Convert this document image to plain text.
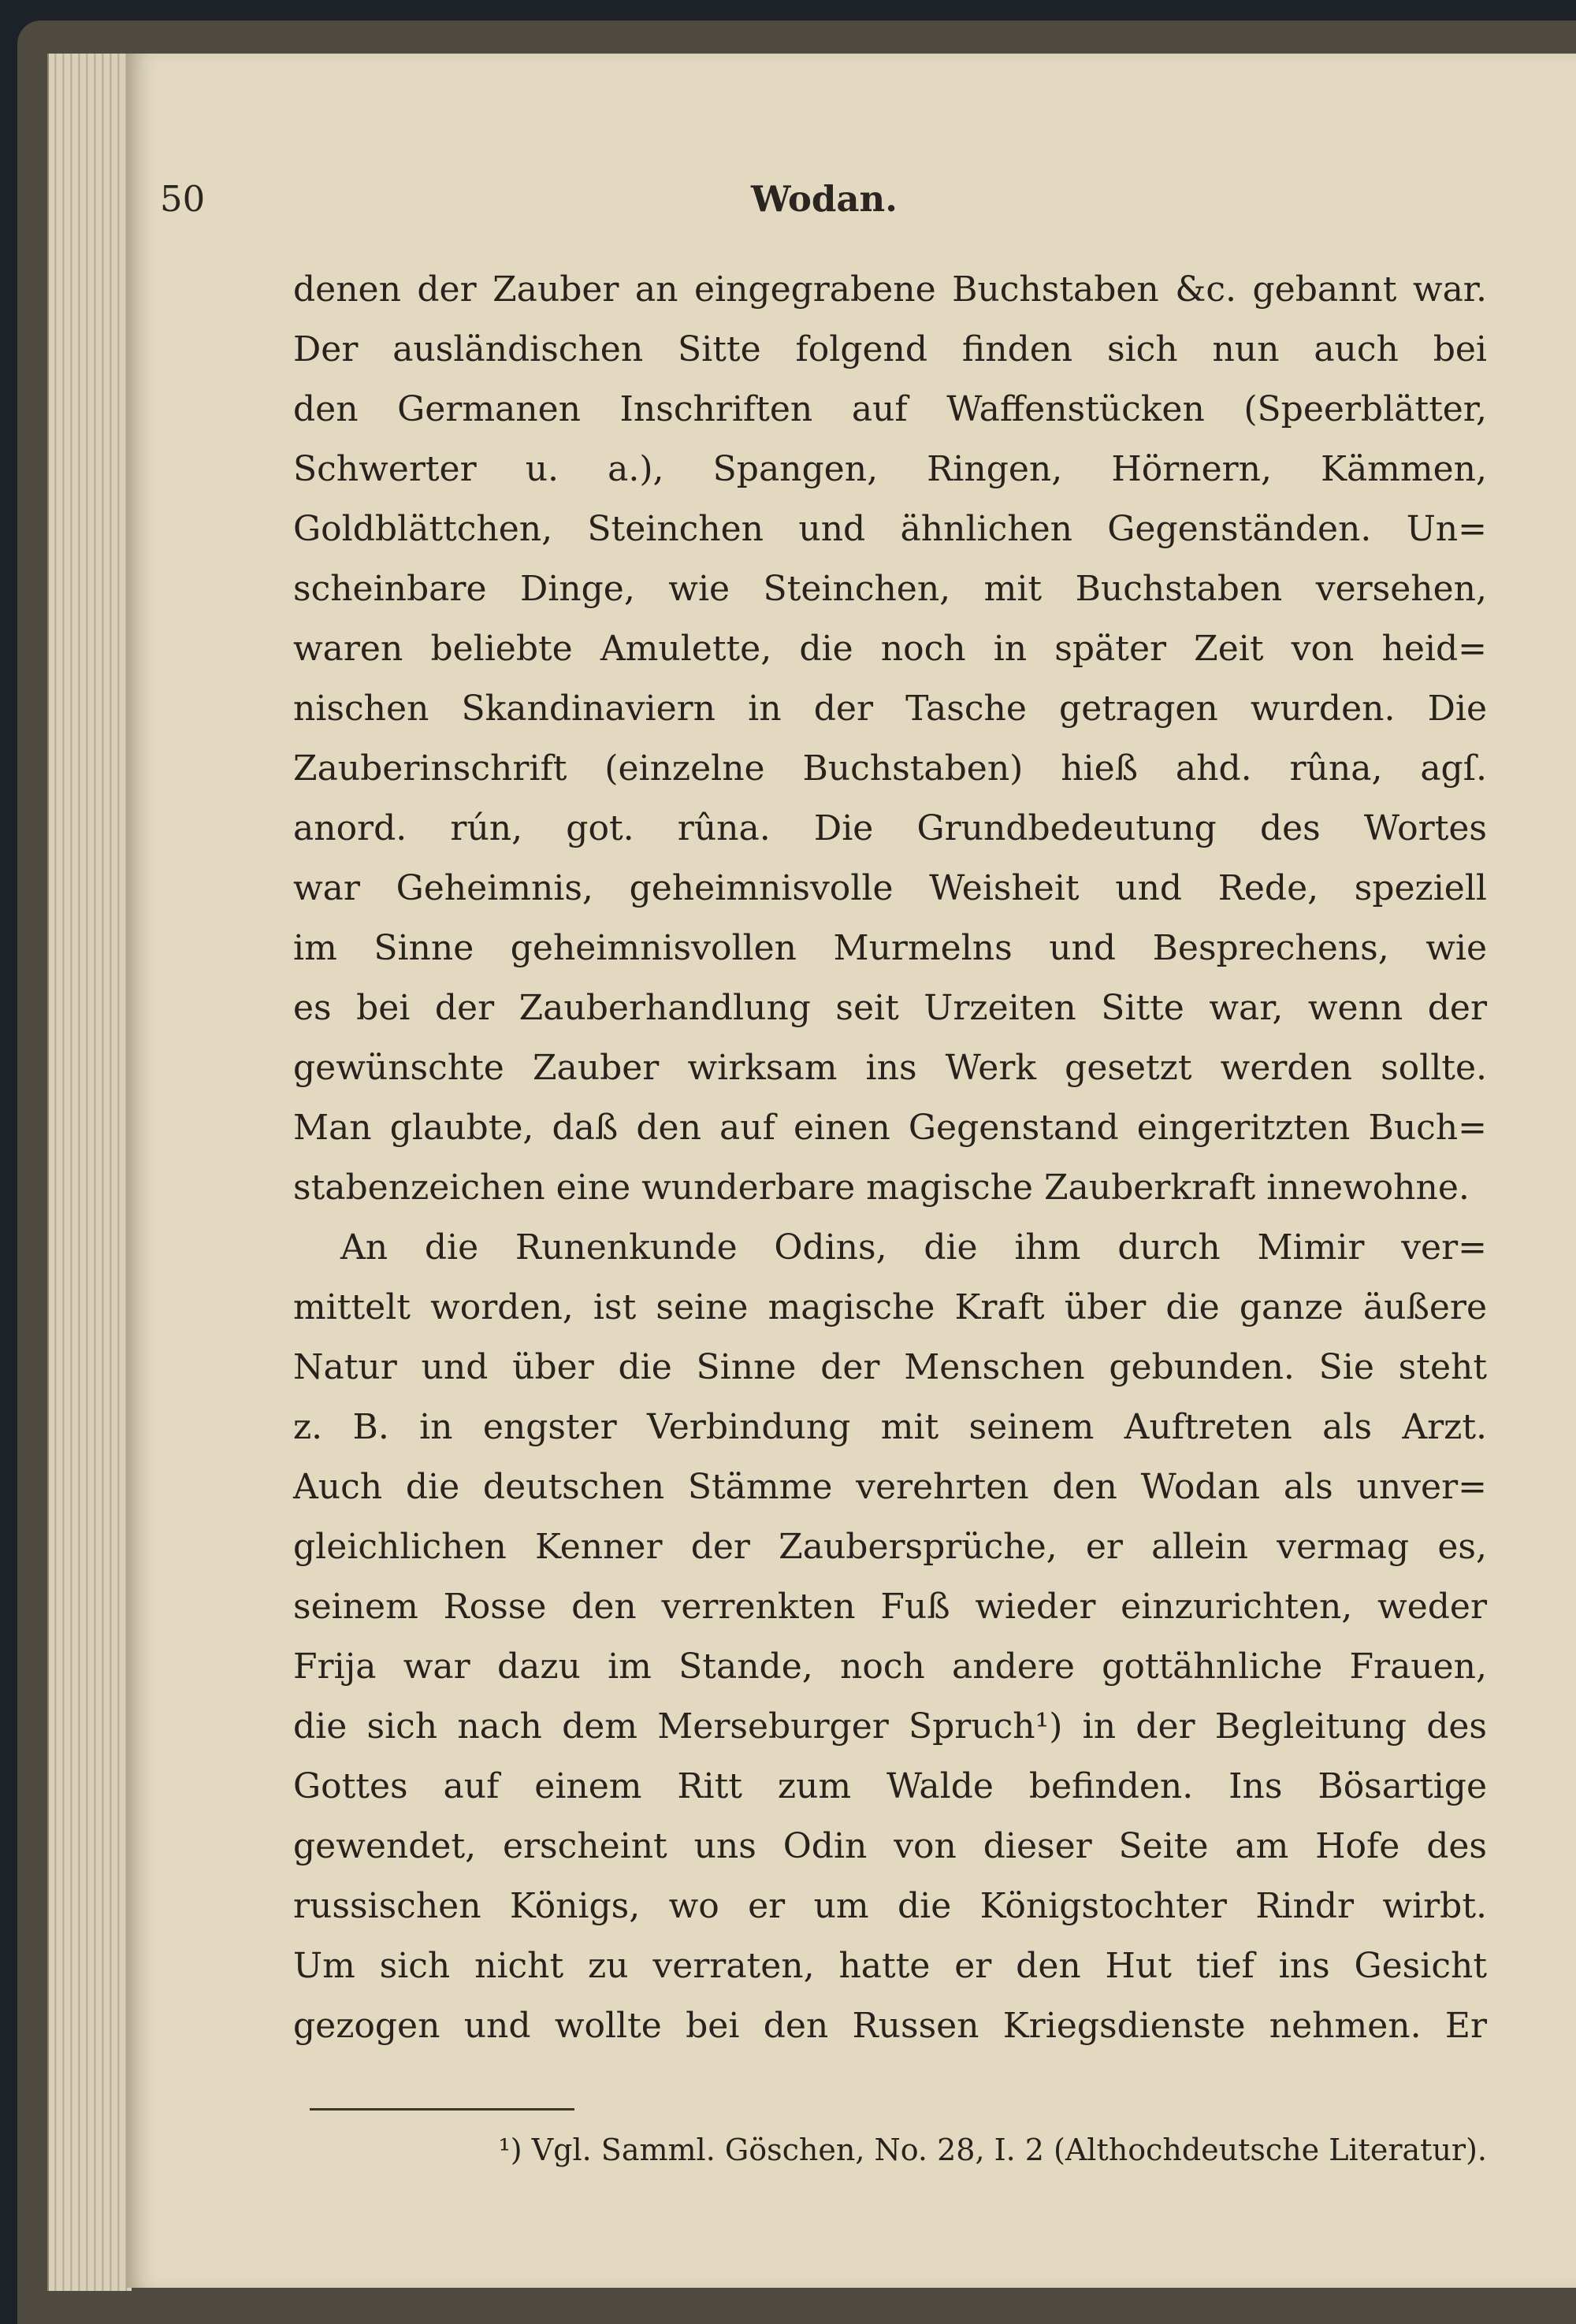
50	Wodan.
denen der Zauber an eingegrabene Buchstaben &c. gebannt war.
Der ausländischen Sitte folgend finden sich nun auch bei
den Germanen Inschriften auf Waffenstücken (Speerblätter,
Schwerter u. a.), Spangen, Ringen, Hörnern, Kämmen,
Goldblättchen, Steinchen und ähnlichen Gegenständen. Un=
scheinbare Dinge, wie Steinchen, mit Buchstaben versehen,
waren beliebte Amulette, die noch in später Zeit von heid=
nischen Skandinaviern in der Tasche getragen wurden. Die
Zauberinschrift (einzelne Buchstaben) hieß ahd. rûna, agſ.
anord. rún, got. rûna. Die Grundbedeutung des Wortes
war Geheimnis, geheimnisvolle Weisheit und Rede, speziell
im Sinne geheimnisvollen Murmelns und Besprechens, wie
es bei der Zauberhandlung seit Urzeiten Sitte war, wenn der
gewünschte Zauber wirksam ins Werk gesetzt werden sollte.
Man glaubte, daß den auf einen Gegenstand eingeritzten Buch=
stabenzeichen eine wunderbare magische Zauberkraft innewohne.
An die Runenkunde Odins, die ihm durch Mimir ver=
mittelt worden, ist seine magische Kraft über die ganze äußere
Natur und über die Sinne der Menschen gebunden. Sie steht
z. B. in engster Verbindung mit seinem Auftreten als Arzt.
Auch die deutschen Stämme verehrten den Wodan als unver=
gleichlichen Kenner der Zaubersprüche, er allein vermag es,
seinem Rosse den verrenkten Fuß wieder einzurichten, weder
Frija war dazu im Stande, noch andere gottähnliche Frauen,
die sich nach dem Merseburger Spruch¹) in der Begleitung des
Gottes auf einem Ritt zum Walde befinden. Ins Bösartige
gewendet, erscheint uns Odin von dieser Seite am Hofe des
russischen Königs, wo er um die Königstochter Rindr wirbt.
Um sich nicht zu verraten, hatte er den Hut tief ins Gesicht
gezogen und wollte bei den Russen Kriegsdienste nehmen. Er
¹) Vgl. Samml. Göschen, No. 28, I. 2 (Althochdeutsche Literatur).
